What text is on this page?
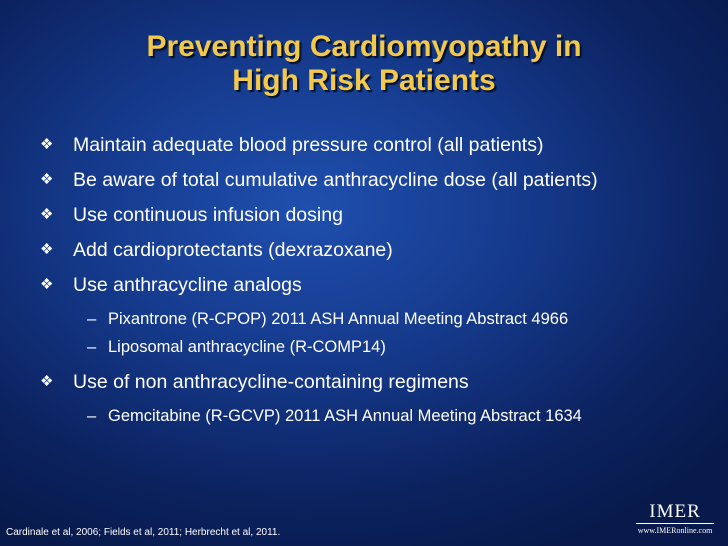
Preventing Cardiomyopathy in
High Risk Patients
❖ Maintain adequate blood pressure control (all patients)
❖ Be aware of total cumulative anthracycline dose (all patients)
❖ Use continuous infusion dosing
❖ Add cardioprotectants (dexrazoxane)
❖ Use anthracycline analogs
– Pixantrone (R-CPOP) 2011 ASH Annual Meeting Abstract 4966
– Liposomal anthracycline (R-COMP14)
❖ Use of non anthracycline-containing regimens
– Gemcitabine (R-GCVP) 2011 ASH Annual Meeting Abstract 1634
Cardinale et al, 2006; Fields et al, 2011; Herbrecht et al, 2011.
IMER
www.IMERonline.com
